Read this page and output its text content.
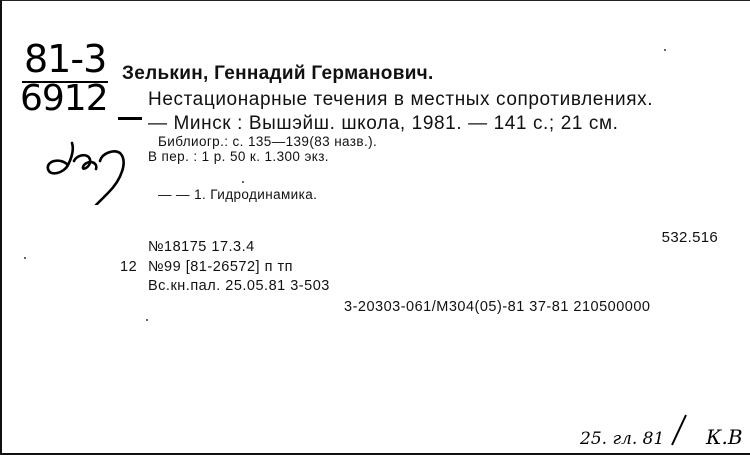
81-3
6912
Зелькин, Геннадий Германович.
Нестационарные течения в местных сопротивлениях.
— Минск : Вышэйш. школа, 1981. — 141 с.; 21 см.
Библиогр.: с. 135—139(83 назв.).
В пер. : 1 р. 50 к. 1.300 экз.
— — 1. Гидродинамика.
532.516
№18175 17.3.4
12 №99 [81-26572] п тп
Вс.кн.пал. 25.05.81 3-503
3-20303-061/М304(05)-81 37-81 210500000
25. гл. 81 К.В
